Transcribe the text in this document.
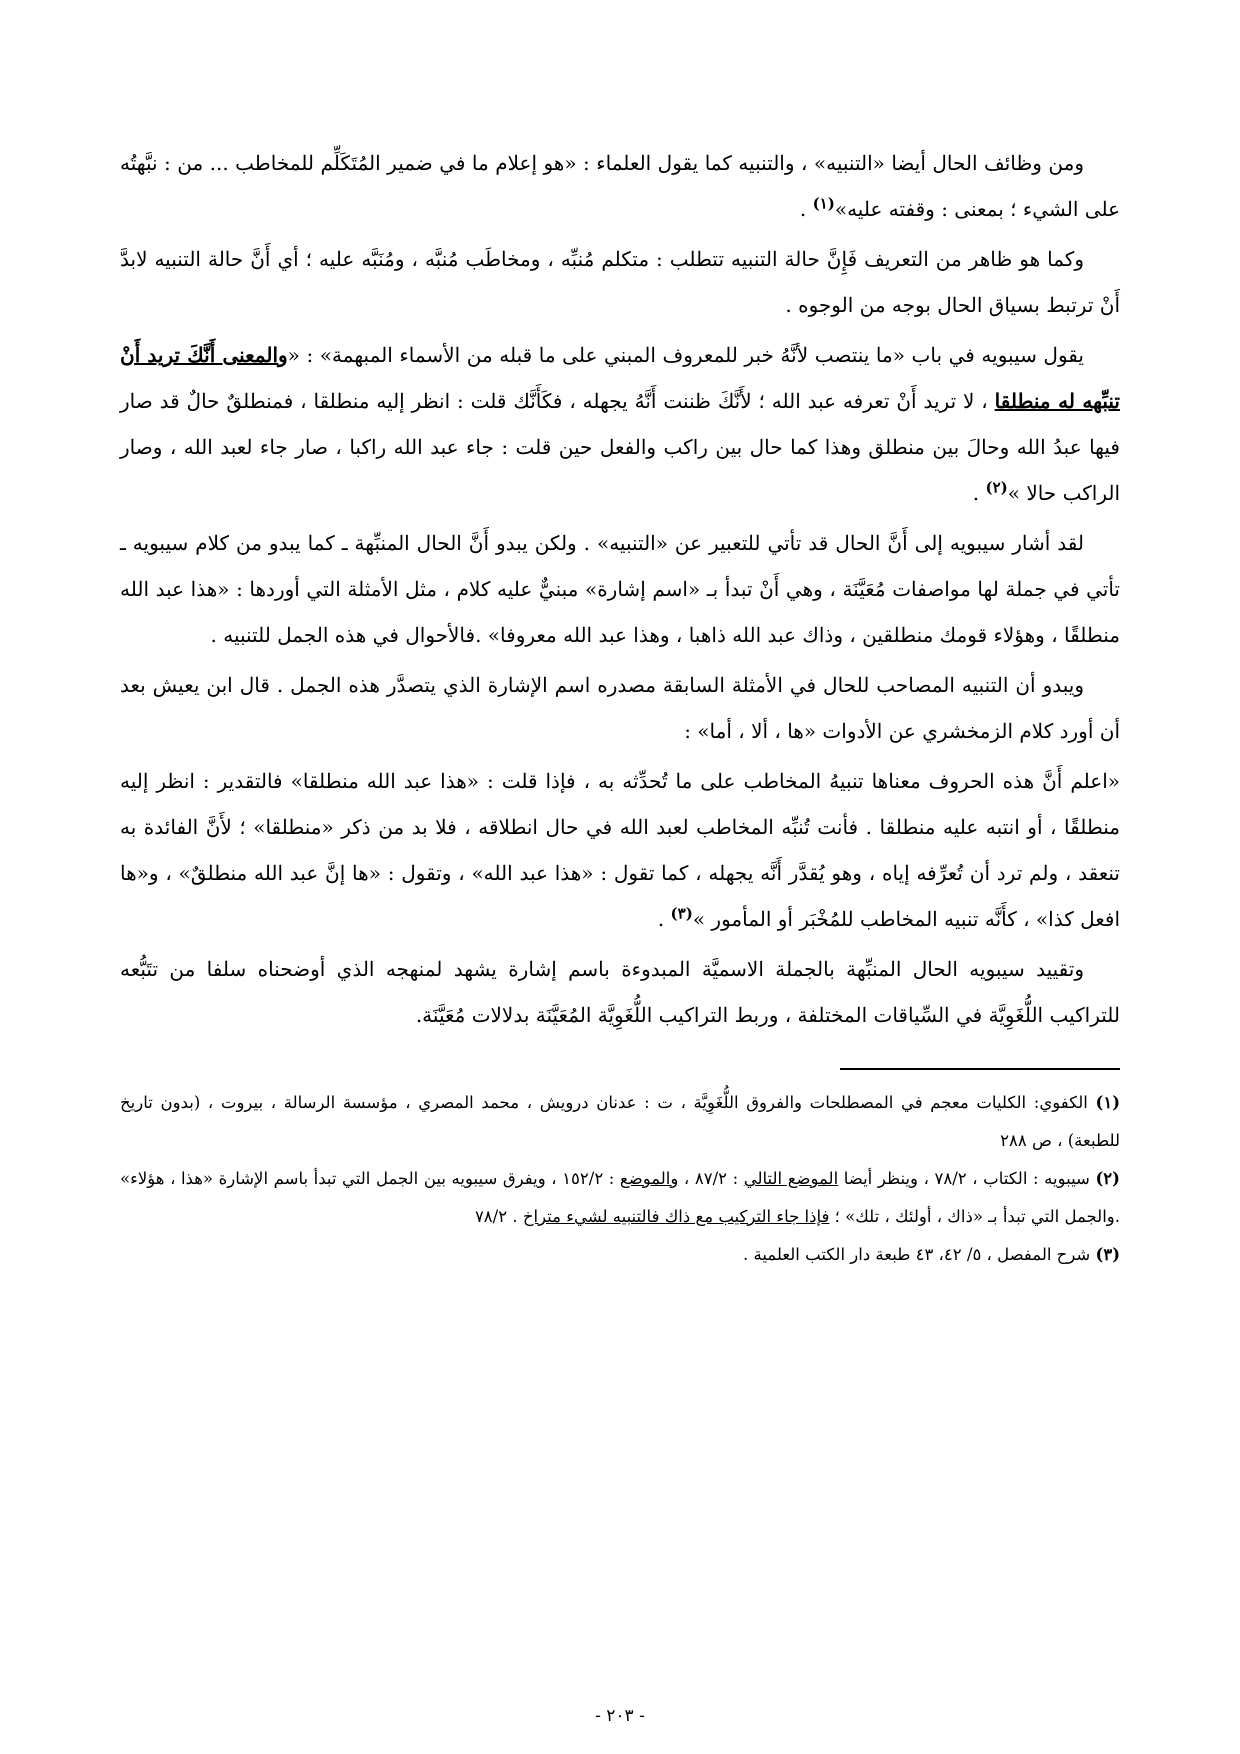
ومن وظائف الحال أيضا «التنبيه» ، والتنبيه كما يقول العلماء : «هو إعلام ما في ضمير المُتَكَلِّم للمخاطب ... من : نبَّهتُه على الشيء ؛ بمعنى : وقفته عليه»$^{(١)}$ .

وكما هو ظاهر من التعريف فَإِنَّ حالة التنبيه تتطلب : متكلم مُنبِّه ، ومخاطَب مُنبَّه ، ومُنَبَّه عليه ؛ أي أَنَّ حالة التنبيه لابدَّ أَنْ ترتبط بسياق الحال بوجه من الوجوه .

يقول سيبويه في باب «ما ينتصب لأنَّهُ خبر للمعروف المبني على ما قبله من الأسماء المبهمة» : «والمعنى أَنَّكَ تريد أَنْ تنبِّهه له منطلقا ، لا تريد أَنْ تعرفه عبد الله ؛ لأَنَّكَ ظننت أَنَّهُ يجهله ، فكَأَنَّك قلت : انظر إليه منطلقا ، فمنطلقٌ حالٌ قد صار فيها عبدُ الله وحالَ بين منطلق وهذا كما حال بين راكب والفعل حين قلت : جاء عبد الله راكبا ، صار جاء لعبد الله ، وصار الراكب حالا »$^{(٢)}$ .

لقد أشار سيبويه إلى أَنَّ الحال قد تأتي للتعبير عن «التنبيه» . ولكن يبدو أَنَّ الحال المنبِّهة ـ كما يبدو من كلام سيبويه ـ تأتي في جملة لها مواصفات مُعَيَّنَة ، وهي أَنْ تبدأ بـ «اسم إشارة» مبنيٌّ عليه كلام ، مثل الأمثلة التي أوردها : «هذا عبد الله منطلقًا ، وهؤلاء قومك منطلقين ، وذاك عبد الله ذاهبا ، وهذا عبد الله معروفا» .فالأحوال في هذه الجمل للتنبيه .

ويبدو أن التنبيه المصاحب للحال في الأمثلة السابقة مصدره اسم الإشارة الذي يتصدَّر هذه الجمل . قال ابن يعيش بعد أن أورد كلام الزمخشري عن الأدوات «ها ، ألا ، أما» :

«اعلم أَنَّ هذه الحروف معناها تنبيهُ المخاطب على ما تُحدِّثه به ، فإذا قلت : «هذا عبد الله منطلقا» فالتقدير : انظر إليه منطلقًا ، أو انتبه عليه منطلقا . فأنت تُنبِّه المخاطب لعبد الله في حال انطلاقه ، فلا بد من ذكر «منطلقا» ؛ لأَنَّ الفائدة به تنعقد ، ولم ترد أن تُعرِّفه إياه ، وهو يُقدَّر أَنَّه يجهله ، كما تقول : «هذا عبد الله» ، وتقول : «ها إنَّ عبد الله منطلقٌ» ، و«ها افعل كذا» ، كأَنَّه تنبيه المخاطب للمُخْبَر أو المأمور »$^{(٣)}$ .

وتقييد سيبويه الحال المنبِّهة بالجملة الاسميَّة المبدوءة باسم إشارة يشهد لمنهجه الذي أوضحناه سلفا من تتَبُّعه للتراكيب اللُّغَوِيَّة في السِّياقات المختلفة ، وربط التراكيب اللُّغَوِيَّة المُعَيَّنَة بدلالات مُعَيَّنَة.

(١) الكفوي: الكليات معجم في المصطلحات والفروق اللُّغَوِيَّة ، ت : عدنان درويش ، محمد المصري ، مؤسسة الرسالة ، بيروت ، (بدون تاريخ للطبعة) ، ص ٢٨٨

(٢) سيبويه : الكتاب ، ٧٨/٢ ، وينظر أيضا الموضع التالي : ٨٧/٢ ، والموضع : ١٥٢/٢ ، ويفرق سيبويه بين الجمل التي تبدأ باسم الإشارة «هذا ، هؤلاء» .والجمل التي تبدأ بـ «ذاك ، أولئك ، تلك» ؛ فإذا جاء التركيب مع ذاك فالتنبيه لشيء متراخ . ٧٨/٢

(٣) شرح المفصل ، ٥/ ٤٢، ٤٣ طبعة دار الكتب العلمية .

- ٢٠٣ -
